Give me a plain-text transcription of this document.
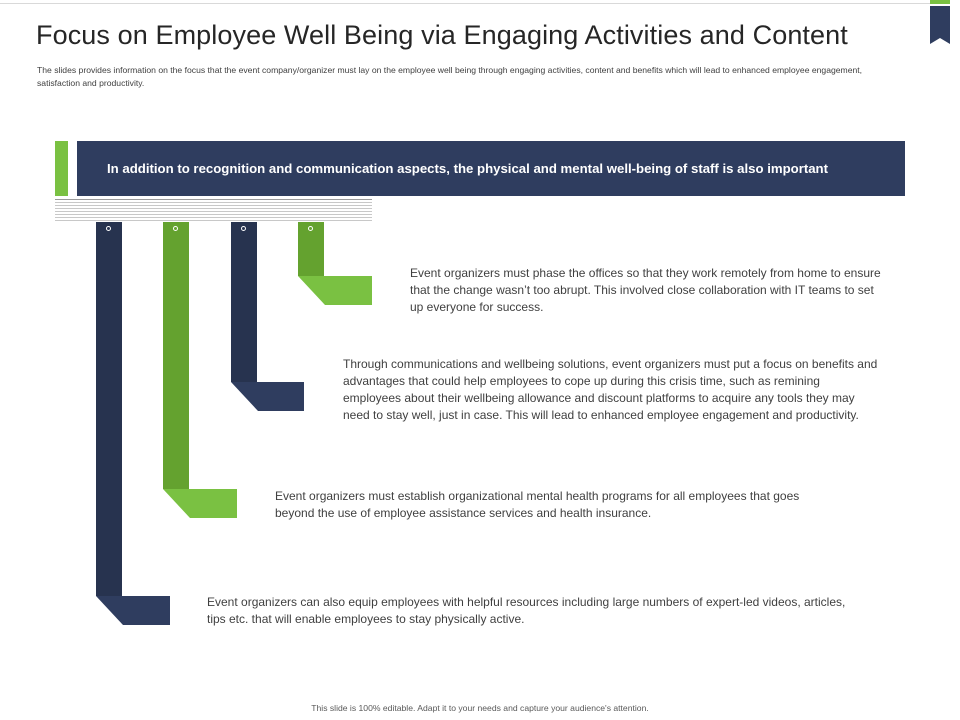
Focus on Employee Well Being via Engaging Activities and Content
The slides provides information on the focus that the event company/organizer must lay on the employee well being through engaging activities, content and benefits which will lead to enhanced employee engagement, satisfaction and productivity.
In addition to recognition and communication aspects, the physical and mental well-being of staff is also important
Event organizers must phase the offices so that they work remotely from home to ensure that the change wasn’t too abrupt. This involved close collaboration with IT teams to set up everyone for success.
Through communications and wellbeing solutions, event organizers must put a focus on benefits and advantages that could help employees to cope up during this crisis time, such as remining employees about their wellbeing allowance and discount platforms to acquire any tools they may need to stay well, just in case. This will lead to enhanced employee engagement and productivity.
Event organizers must establish organizational mental health programs for all employees that goes beyond the use of employee assistance services and health insurance.
Event organizers can also equip employees with helpful resources including large numbers of expert-led videos, articles, tips etc. that will enable employees to stay physically active.
This slide is 100% editable. Adapt it to your needs and capture your audience's attention.
